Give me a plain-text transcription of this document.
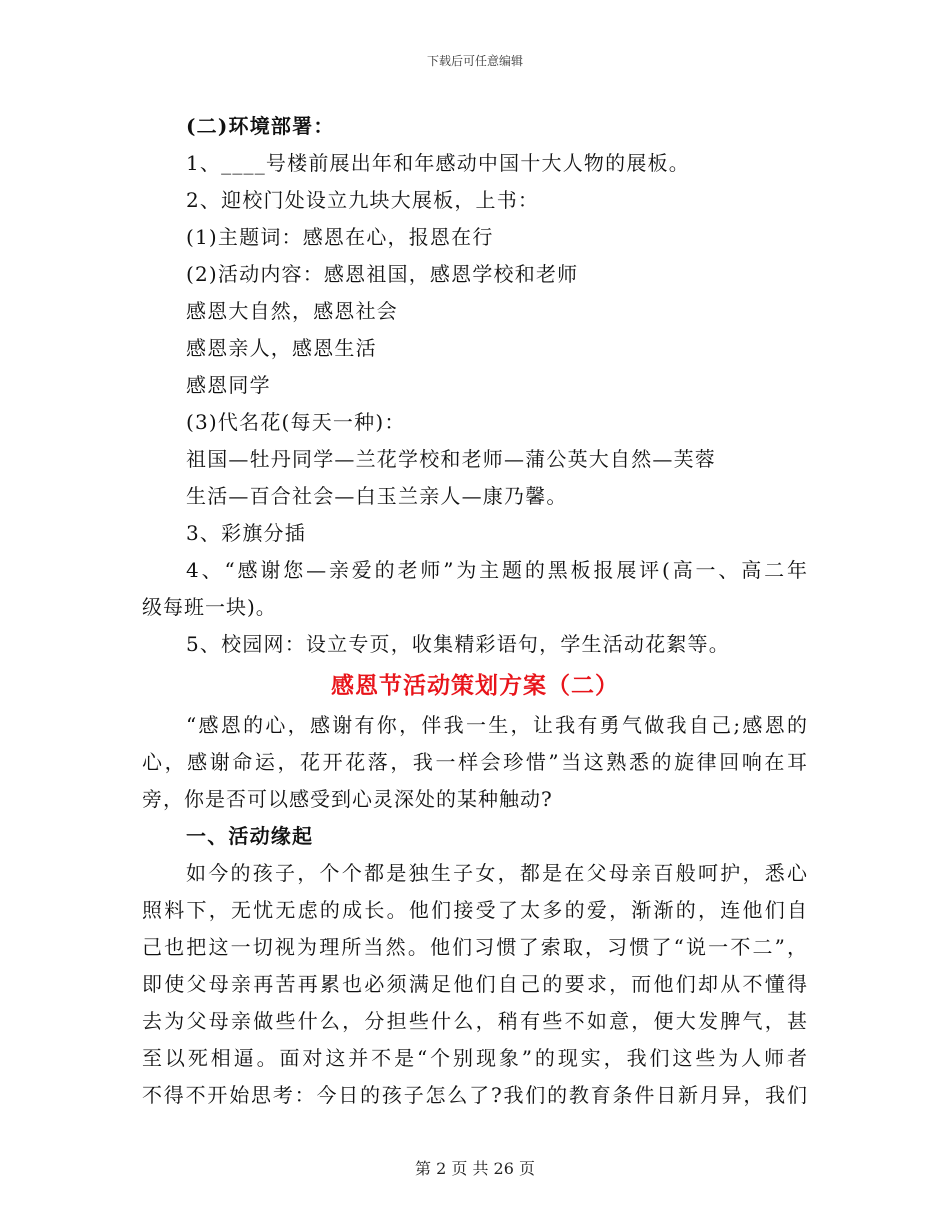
下载后可任意编辑
(二)环境部署：
1、____号楼前展出年和年感动中国十大人物的展板。
2、迎校门处设立九块大展板，上书：
(1)主题词：感恩在心，报恩在行
(2)活动内容：感恩祖国，感恩学校和老师
感恩大自然，感恩社会
感恩亲人，感恩生活
感恩同学
(3)代名花(每天一种)：
祖国—牡丹同学—兰花学校和老师—蒲公英大自然—芙蓉
生活—百合社会—白玉兰亲人—康乃馨。
3、彩旗分插
4、“感谢您—亲爱的老师”为主题的黑板报展评(高一、高二年
级每班一块)。
5、校园网：设立专页，收集精彩语句，学生活动花絮等。
感恩节活动策划方案（二）
“感恩的心，感谢有你，伴我一生，让我有勇气做我自己;感恩的
心，感谢命运，花开花落，我一样会珍惜”当这熟悉的旋律回响在耳
旁，你是否可以感受到心灵深处的某种触动?
一、活动缘起
如今的孩子，个个都是独生子女，都是在父母亲百般呵护，悉心
照料下，无忧无虑的成长。他们接受了太多的爱，渐渐的，连他们自
己也把这一切视为理所当然。他们习惯了索取，习惯了“说一不二”，
即使父母亲再苦再累也必须满足他们自己的要求，而他们却从不懂得
去为父母亲做些什么，分担些什么，稍有些不如意，便大发脾气，甚
至以死相逼。面对这并不是“个别现象”的现实，我们这些为人师者
不得不开始思考：今日的孩子怎么了?我们的教育条件日新月异，我们
第 2 页 共 26 页
